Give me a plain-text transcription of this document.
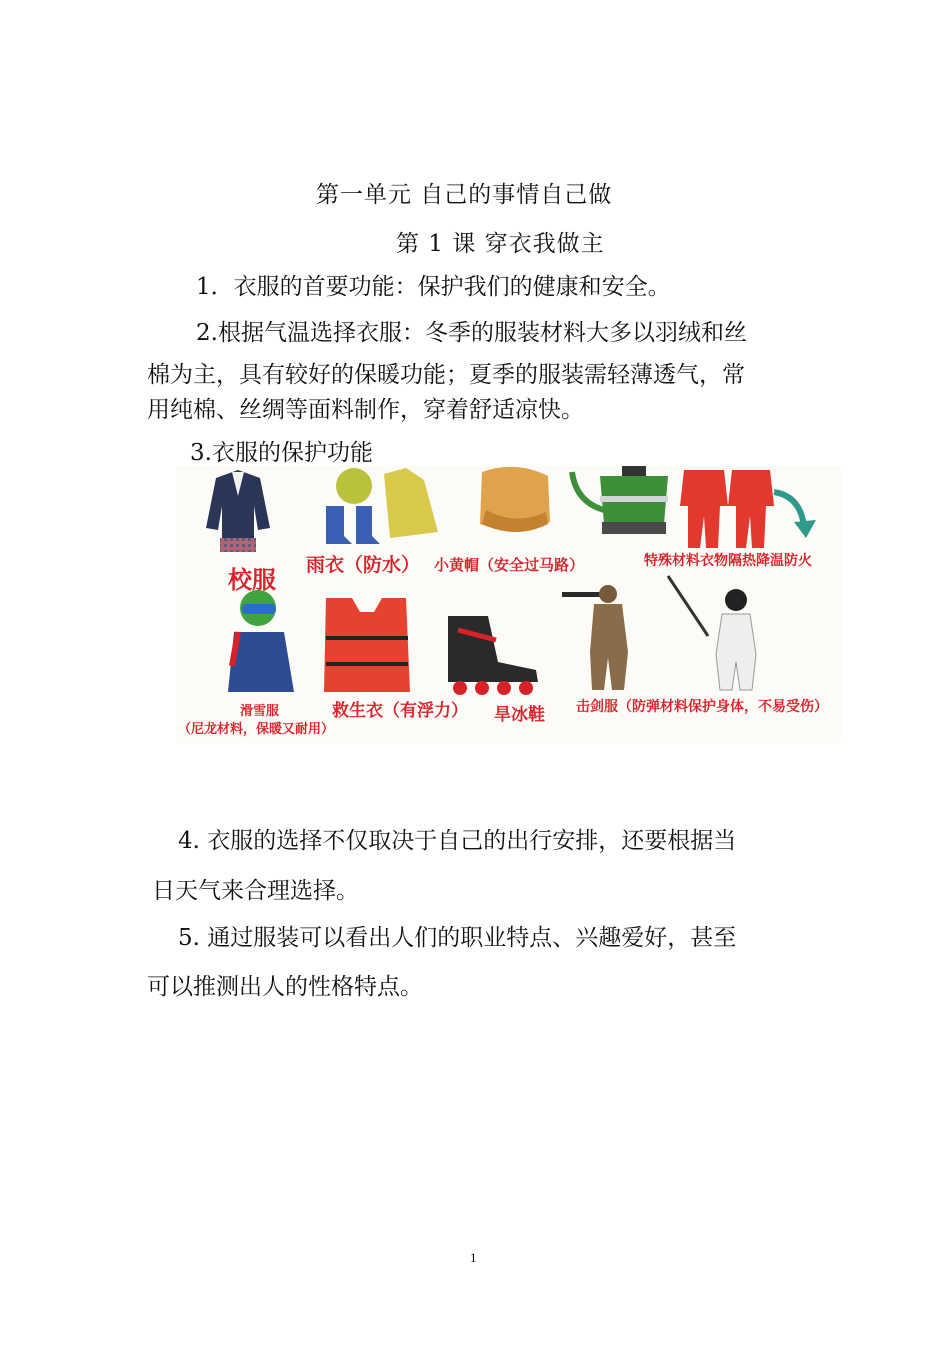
第一单元 自己的事情自己做
第 1 课 穿衣我做主
1．衣服的首要功能：保护我们的健康和安全。
2.根据气温选择衣服：冬季的服装材料大多以羽绒和丝
棉为主，具有较好的保暖功能；夏季的服装需轻薄透气，常
用纯棉、丝绸等面料制作，穿着舒适凉快。
3.衣服的保护功能
校服
雨衣（防水） 小黄帽（安全过马路）	特殊材料衣物隔热降温防火
滑雪服
（尼龙材料，保暖又耐用）
救生衣（有浮力） 旱冰鞋 击剑服（防弹材料保护身体，不易受伤）
4. 衣服的选择不仅取决于自己的出行安排，还要根据当
日天气来合理选择。
5. 通过服装可以看出人们的职业特点、兴趣爱好，甚至
可以推测出人的性格特点。
1
